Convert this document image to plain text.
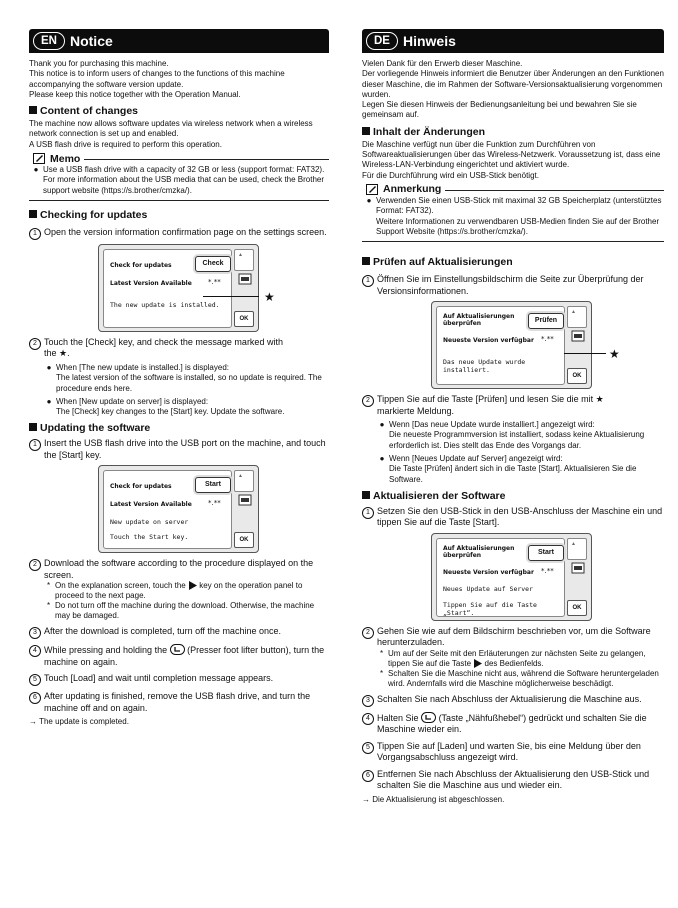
EN Notice

Thank you for purchasing this machine.

This notice is to inform users of changes to the functions of this machine accompanying the software version update.

Please keep this notice together with the Operation Manual.

Content of changes

The machine now allows software updates via wireless network when a wireless network connection is set up and enabled.

A USB flash drive is required to perform this operation.

Memo
● Use a USB flash drive with a capacity of 32 GB or less (support format: FAT32).
For more information about the USB media that can be used, check the Brother support website (https://s.brother/cmzka/).
Checking for updates
1 Open the version information confirmation page on the settings screen.
Check for updates	Check
Latest Version Available *.**
The new update is installed.
▲
OK
★
2 Touch the [Check] key, and check the message marked with
the ★.
● When [The new update is installed.] is displayed:
The latest version of the software is installed, so no update is required. The procedure ends here.
● When [New update on server] is displayed:
The [Check] key changes to the [Start] key. Update the software.
Updating the software
1 Insert the USB flash drive into the USB port on the machine, and touch the [Start] key.
Check for updates	Start
Latest Version Available *.**
New update on server
Touch the Start key.
▲
OK
2 Download the software according to the procedure displayed on the screen.
* On the explanation screen, touch the key on the operation panel to proceed to the next page.
* Do not turn off the machine during the download. Otherwise, the machine may be damaged.
3 After the download is completed, turn off the machine once.
4 While pressing and holding the (Presser foot lifter button), turn the machine on again.
5 Touch [Load] and wait until completion message appears.
6 After updating is finished, remove the USB flash drive, and turn the machine off and on again.
→ The update is completed.
DE Hinweis

Vielen Dank für den Erwerb dieser Maschine.

Der vorliegende Hinweis informiert die Benutzer über Änderungen an den Funktionen dieser Maschine, die im Rahmen der Software-Versionsaktualisierung vorgenommen wurden.

Legen Sie diesen Hinweis der Bedienungsanleitung bei und bewahren Sie sie gemeinsam auf.

Inhalt der Änderungen

Die Maschine verfügt nun über die Funktion zum Durchführen von Softwareaktualisierungen über das Wireless-Netzwerk. Voraussetzung ist, dass eine Wireless-LAN-Verbindung eingerichtet und aktiviert wurde.

Für die Durchführung wird ein USB-Stick benötigt.

Anmerkung
● Verwenden Sie einen USB-Stick mit maximal 32 GB Speicherplatz (unterstütztes Format: FAT32).
Weitere Informationen zu verwendbaren USB-Medien finden Sie auf der Brother Support Website (https://s.brother/cmzka/).
Prüfen auf Aktualisierungen
1 Öffnen Sie im Einstellungsbildschirm die Seite zur Überprüfung der Versionsinformationen.
Auf Aktualisierungen überprüfen	Prüfen
Neueste Version verfügbar *.**
Das neue Update wurde installiert.
▲
OK
★
2 Tippen Sie auf die Taste [Prüfen] und lesen Sie die mit ★
markierte Meldung.
● Wenn [Das neue Update wurde installiert.] angezeigt wird:
Die neueste Programmversion ist installiert, sodass keine Aktualisierung erforderlich ist. Dies stellt das Ende des Vorgangs dar.
● Wenn [Neues Update auf Server] angezeigt wird:
Die Taste [Prüfen] ändert sich in die Taste [Start]. Aktualisieren Sie die Software.
Aktualisieren der Software
1 Setzen Sie den USB-Stick in den USB-Anschluss der Maschine ein und tippen Sie auf die Taste [Start].
Auf Aktualisierungen überprüfen	Start
Neueste Version verfügbar *.**
Neues Update auf Server
Tippen Sie auf die Taste „Start“.
▲
OK
2 Gehen Sie wie auf dem Bildschirm beschrieben vor, um die Software herunterzuladen.
* Um auf der Seite mit den Erläuterungen zur nächsten Seite zu gelangen, tippen Sie auf die Taste des Bedienfelds.
* Schalten Sie die Maschine nicht aus, während die Software heruntergeladen wird. Andernfalls wird die Maschine möglicherweise beschädigt.
3 Schalten Sie nach Abschluss der Aktualisierung die Maschine aus.
4 Halten Sie (Taste „Nähfußhebel“) gedrückt und schalten Sie die Maschine wieder ein.
5 Tippen Sie auf [Laden] und warten Sie, bis eine Meldung über den Vorgangsabschluss angezeigt wird.
6 Entfernen Sie nach Abschluss der Aktualisierung den USB-Stick und schalten Sie die Maschine aus und wieder ein.
→ Die Aktualisierung ist abgeschlossen.
